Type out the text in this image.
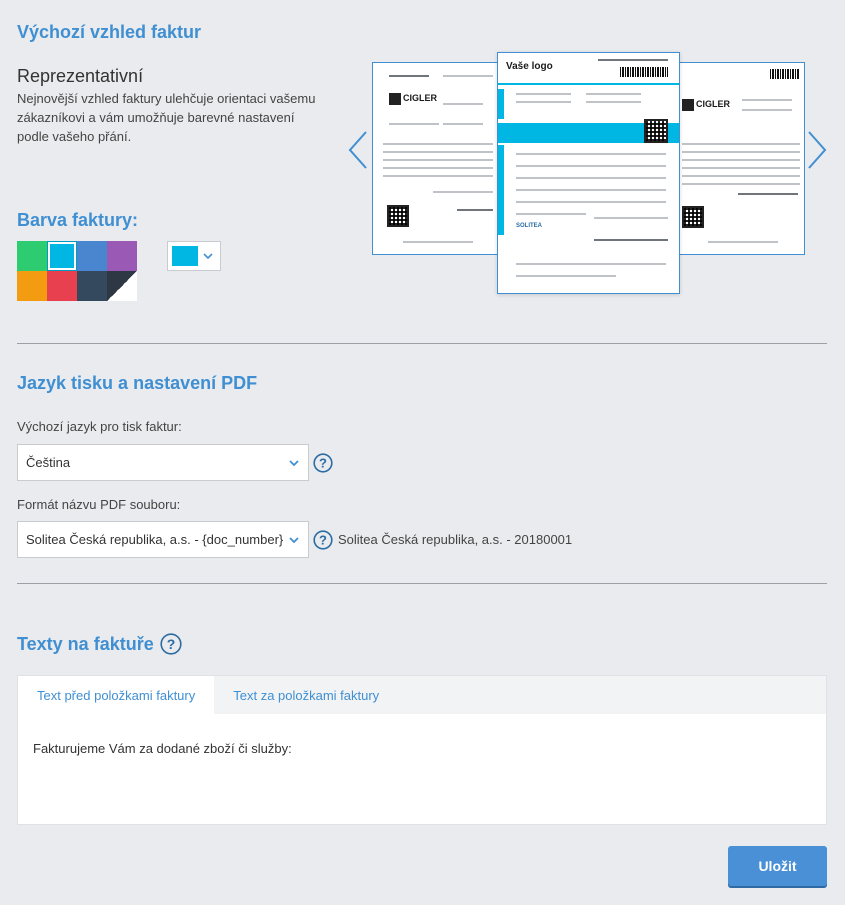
Výchozí vzhled faktur
Reprezentativní
Nejnovější vzhled faktury ulehčuje orientaci vašemu zákazníkovi a vám umožňuje barevné nastavení podle vašeho přání.
Barva faktury:
CIGLER
CIGLER
Vaše logo
SOLITEA
Jazyk tisku a nastavení PDF
Výchozí jazyk pro tisk faktur:
Čeština	?
Formát názvu PDF souboru:
Solitea Česká republika, a.s. - {doc_number}	? Solitea Česká republika, a.s. - 20180001
Texty na faktuře ?
Text před položkami faktury	Text za položkami faktury
Fakturujeme Vám za dodané zboží či služby:
Uložit
